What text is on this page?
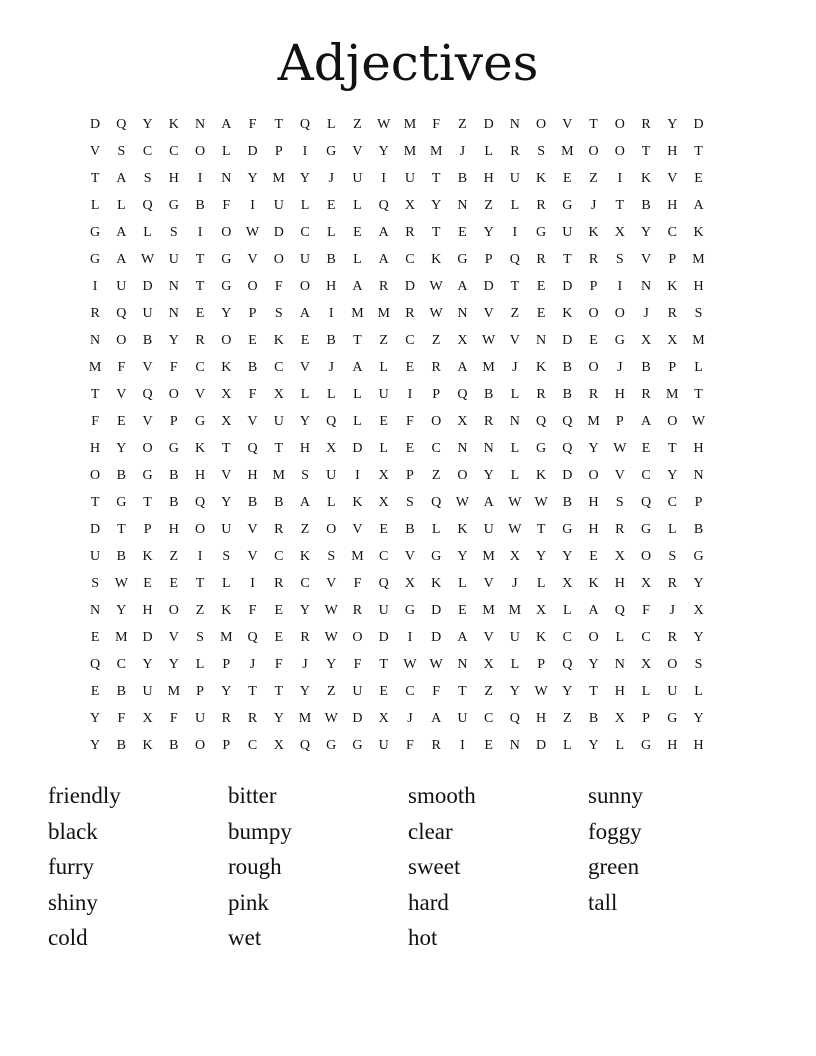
Adjectives
D	Q	Y	K	N	A	F	T	Q	L	Z	W M	F	Z	D	N	O	V	T	O	R	Y	D
V	S	C	C	O	L	D	P	I	G	V	Y	M M	J	L	R	S	M	O	O	T	H	T
T	A	S	H	I	N	Y	M	Y	J	U	I	U	T	B	H	U	K	E	Z	I	K	V	E
L	L	Q	G	B	F	I	U	L	E	L	Q	X	Y	N	Z	L	R	G	J	T	B	H	A
G	A	L	S	I	O	W	D	C	L	E	A	R	T	E	Y	I	G	U	K	X	Y	C	K
G	A	W	U	T	G	V	O	U	B	L	A	C	K	G	P	Q	R	T	R	S	V	P	M
I	U	D	N	T	G	O	F	O	H	A	R	D	W	A	D	T	E	D	P	I	N	K	H
R	Q	U	N	E	Y	P	S	A	I	M M	R	W	N	V	Z	E	K	O	O	J	R	S
N	O	B	Y	R	O	E	K	E	B	T	Z	C	Z	X	W	V	N	D	E	G	X	X	M
M	F	V	F	C	K	B	C	V	J	A	L	E	R	A	M	J	K	B	O	J	B	P	L
T	V	Q	O	V	X	F	X	L	L	L	U	I	P	Q	B	L	R	B	R	H	R	M	T
F	E	V	P	G	X	V	U	Y	Q	L	E	F	O	X	R	N	Q	Q	M	P	A	O	W
H	Y	O	G	K	T	Q	T	H	X	D	L	E	C	N	N	L	G	Q	Y	W	E	T	H
O	B	G	B	H	V	H	M	S	U	I	X	P	Z	O	Y	L	K	D	O	V	C	Y	N
T	G	T	B	Q	Y	B	B	A	L	K	X	S	Q	W	A	W W	B	H	S	Q	C	P
D	T	P	H	O	U	V	R	Z	O	V	E	B	L	K	U	W	T	G	H	R	G	L	B
U	B	K	Z	I	S	V	C	K	S	M	C	V	G	Y	M	X	Y	Y	E	X	O	S	G
S	W	E	E	T	L	I	R	C	V	F	Q	X	K	L	V	J	L	X	K	H	X	R	Y
N	Y	H	O	Z	K	F	E	Y	W	R	U	G	D	E	M M	X	L	A	Q	F	J	X
E	M	D	V	S	M	Q	E	R	W	O	D	I	D	A	V	U	K	C	O	L	C	R	Y
Q	C	Y	Y	L	P	J	F	J	Y	F	T	W W	N	X	L	P	Q	Y	N	X	O	S
E	B	U	M	P	Y	T	T	Y	Z	U	E	C	F	T	Z	Y	W	Y	T	H	L	U	L
Y	F	X	F	U	R	R	Y	M W	D	X	J	A	U	C	Q	H	Z	B	X	P	G	Y
Y	B	K	B	O	P	C	X	Q	G	G	U	F	R	I	E	N	D	L	Y	L	G	H	H
friendly
black
furry
shiny
cold
bitter
bumpy
rough
pink
wet
smooth
clear
sweet
hard
hot
sunny
foggy
green
tall
